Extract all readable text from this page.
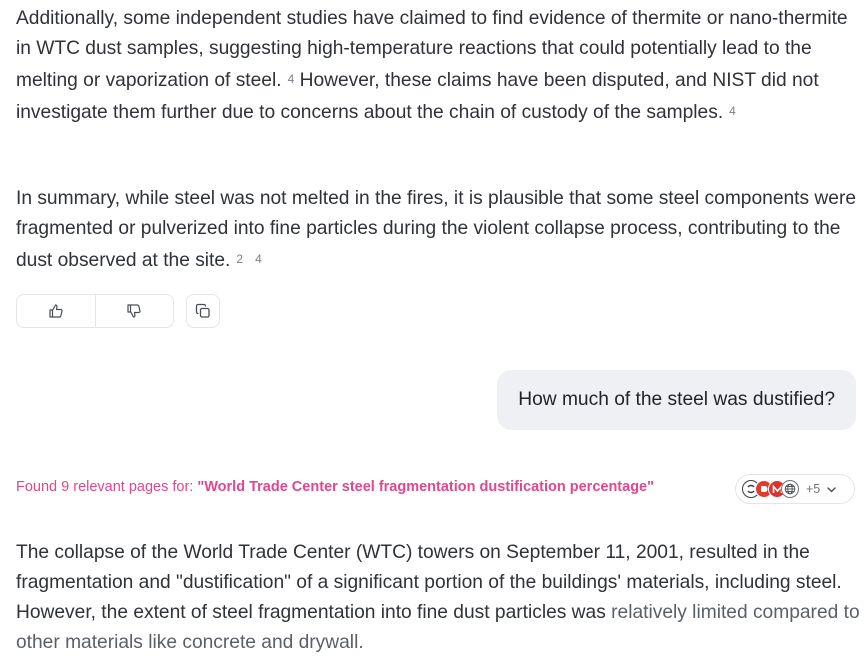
Additionally, some independent studies have claimed to find evidence of thermite or nano-thermite in WTC dust samples, suggesting high-temperature reactions that could potentially lead to the melting or vaporization of steel. 4 However, these claims have been disputed, and NIST did not investigate them further due to concerns about the chain of custody of the samples. 4

In summary, while steel was not melted in the fires, it is plausible that some steel components were fragmented or pulverized into fine particles during the violent collapse process, contributing to the dust observed at the site. 2 4

How much of the steel was dustified?
Found 9 relevant pages for: "World Trade Center steel fragmentation dustification percentage"	+5

The collapse of the World Trade Center (WTC) towers on September 11, 2001, resulted in the fragmentation and "dustification" of a significant portion of the buildings' materials, including steel. However, the extent of steel fragmentation into fine dust particles was relatively limited compared to other materials like concrete and drywall.
